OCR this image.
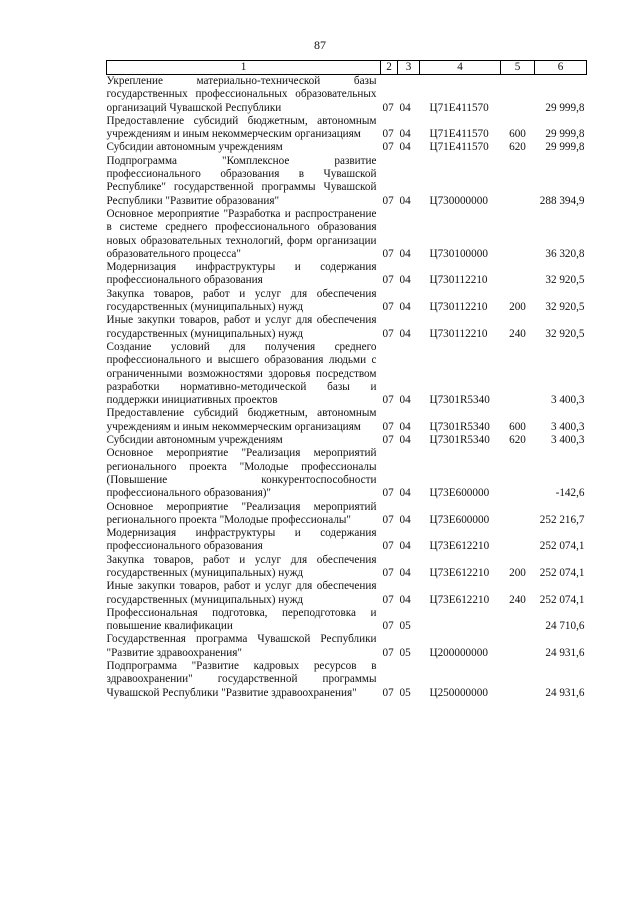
87
1	2	3	4	5	6
Укрепление материально-технической базы государственных профессиональных образовательных организаций Чувашской Республики	07	04	Ц71Е411570		29 999,8
Предоставление субсидий бюджетным, автономным учреждениям и иным некоммерческим организациям	07	04	Ц71Е411570	600	29 999,8
Субсидии автономным учреждениям	07	04	Ц71Е411570	620	29 999,8
Подпрограмма "Комплексное развитие профессионального образования в Чувашской Республике" государственной программы Чувашской Республики "Развитие образования"	07	04	Ц730000000		288 394,9
Основное мероприятие "Разработка и распространение в системе среднего профессионального образования новых образовательных технологий, форм организации образовательного процесса"	07	04	Ц730100000		36 320,8
Модернизация инфраструктуры и содержания профессионального образования	07	04	Ц730112210		32 920,5
Закупка товаров, работ и услуг для обеспечения государственных (муниципальных) нужд	07	04	Ц730112210	200	32 920,5
Иные закупки товаров, работ и услуг для обеспечения государственных (муниципальных) нужд	07	04	Ц730112210	240	32 920,5
Создание условий для получения среднего профессионального и высшего образования людьми с ограниченными возможностями здоровья посредством разработки нормативно-методической базы и поддержки инициативных проектов	07	04	Ц7301R5340		3 400,3
Предоставление субсидий бюджетным, автономным учреждениям и иным некоммерческим организациям	07	04	Ц7301R5340	600	3 400,3
Субсидии автономным учреждениям	07	04	Ц7301R5340	620	3 400,3
Основное мероприятие "Реализация мероприятий регионального проекта "Молодые профессионалы (Повышение конкурентоспособности профессионального образования)"	07	04	Ц73Е600000		-142,6
Основное мероприятие "Реализация мероприятий регионального проекта "Молодые профессионалы"	07	04	Ц73Е600000		252 216,7
Модернизация инфраструктуры и содержания профессионального образования	07	04	Ц73Е612210		252 074,1
Закупка товаров, работ и услуг для обеспечения государственных (муниципальных) нужд	07	04	Ц73Е612210	200	252 074,1
Иные закупки товаров, работ и услуг для обеспечения государственных (муниципальных) нужд	07	04	Ц73Е612210	240	252 074,1
Профессиональная подготовка, переподготовка и повышение квалификации	07	05			24 710,6
Государственная программа Чувашской Республики "Развитие здравоохранения"	07	05	Ц200000000		24 931,6
Подпрограмма "Развитие кадровых ресурсов в здравоохранении" государственной программы Чувашской Республики "Развитие здравоохранения"	07	05	Ц250000000		24 931,6
